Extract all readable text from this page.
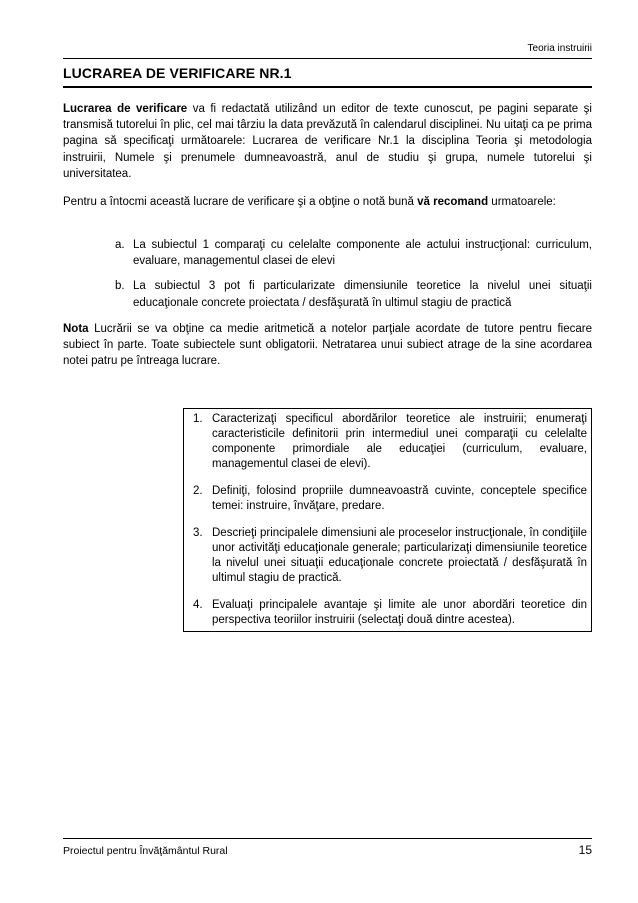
Teoria instruirii
LUCRAREA DE VERIFICARE NR.1

Lucrarea de verificare va fi redactată utilizând un editor de texte cunoscut, pe pagini separate şi transmisă tutorelui în plic, cel mai târziu la data prevăzută în calendarul disciplinei. Nu uitaţi ca pe prima pagina să specificaţi următoarele: Lucrarea de verificare Nr.1 la disciplina Teoria şi metodologia instruirii, Numele şi prenumele dumneavoastră, anul de studiu şi grupa, numele tutorelui şi universitatea.

Pentru a întocmi această lucrare de verificare şi a obţine o notă bună vă recomand urmatoarele:

a. La subiectul 1 comparaţi cu celelalte componente ale actului instrucţional: curriculum, evaluare, managementul clasei de elevi
b. La subiectul 3 pot fi particularizate dimensiunile teoretice la nivelul unei situaţii educaţionale concrete proiectata / desfăşurată în ultimul stagiu de practică

Nota Lucrării se va obţine ca medie aritmetică a notelor parţiale acordate de tutore pentru fiecare subiect în parte. Toate subiectele sunt obligatorii. Netratarea unui subiect atrage de la sine acordarea notei patru pe întreaga lucrare.

1. Caracterizaţi specificul abordărilor teoretice ale instruirii; enumeraţi caracteristicile definitorii prin intermediul unei comparaţii cu celelalte componente primordiale ale educaţiei (curriculum, evaluare, managementul clasei de elevi).
2. Definiţi, folosind propriile dumneavoastră cuvinte, conceptele specifice temei: instruire, învăţare, predare.
3. Descrieţi principalele dimensiuni ale proceselor instrucţionale, în condiţiile unor activităţi educaţionale generale; particularizaţi dimensiunile teoretice la nivelul unei situaţii educaţionale concrete proiectată / desfăşurată în ultimul stagiu de practică.
4. Evaluaţi principalele avantaje şi limite ale unor abordări teoretice din perspectiva teoriilor instruirii (selectaţi două dintre acestea).
Proiectul pentru Învăţământul Rural	15
